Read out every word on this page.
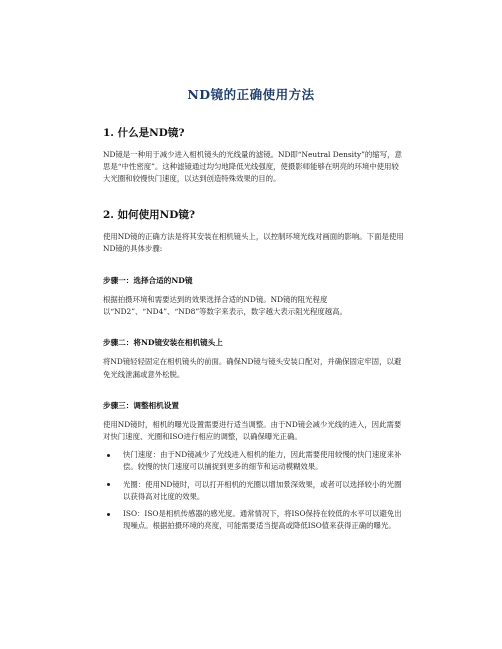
ND镜的正确使用方法
1. 什么是ND镜?

ND镜是一种用于减少进入相机镜头的光线量的滤镜。ND即“Neutral Density”的缩写，意思是“中性密度”。这种滤镜通过均匀地降低光线强度，使摄影师能够在明亮的环境中使用较大光圈和较慢快门速度，以达到创造特殊效果的目的。

2. 如何使用ND镜?

使用ND镜的正确方法是将其安装在相机镜头上，以控制环境光线对画面的影响。下面是使用ND镜的具体步骤:

步骤一：选择合适的ND镜

根据拍摄环境和需要达到的效果选择合适的ND镜。ND镜的阻光程度以“ND2”、“ND4”、“ND8”等数字来表示，数字越大表示阻光程度越高。

步骤二：将ND镜安装在相机镜头上

将ND镜轻轻固定在相机镜头的前面。确保ND镜与镜头安装口配对，并确保固定牢固，以避免光线泄漏或意外松脱。

步骤三：调整相机设置

使用ND镜时，相机的曝光设置需要进行适当调整。由于ND镜会减少光线的进入，因此需要对快门速度、光圈和ISO进行相应的调整，以确保曝光正确。

快门速度：由于ND镜减少了光线进入相机的能力，因此需要使用较慢的快门速度来补偿。较慢的快门速度可以捕捉到更多的细节和运动模糊效果。
光圈：使用ND镜时，可以打开相机的光圈以增加景深效果，或者可以选择较小的光圈以获得高对比度的效果。
ISO：ISO是相机传感器的感光度。通常情况下，将ISO保持在较低的水平可以避免出现噪点。根据拍摄环境的亮度，可能需要适当提高或降低ISO值来获得正确的曝光。
